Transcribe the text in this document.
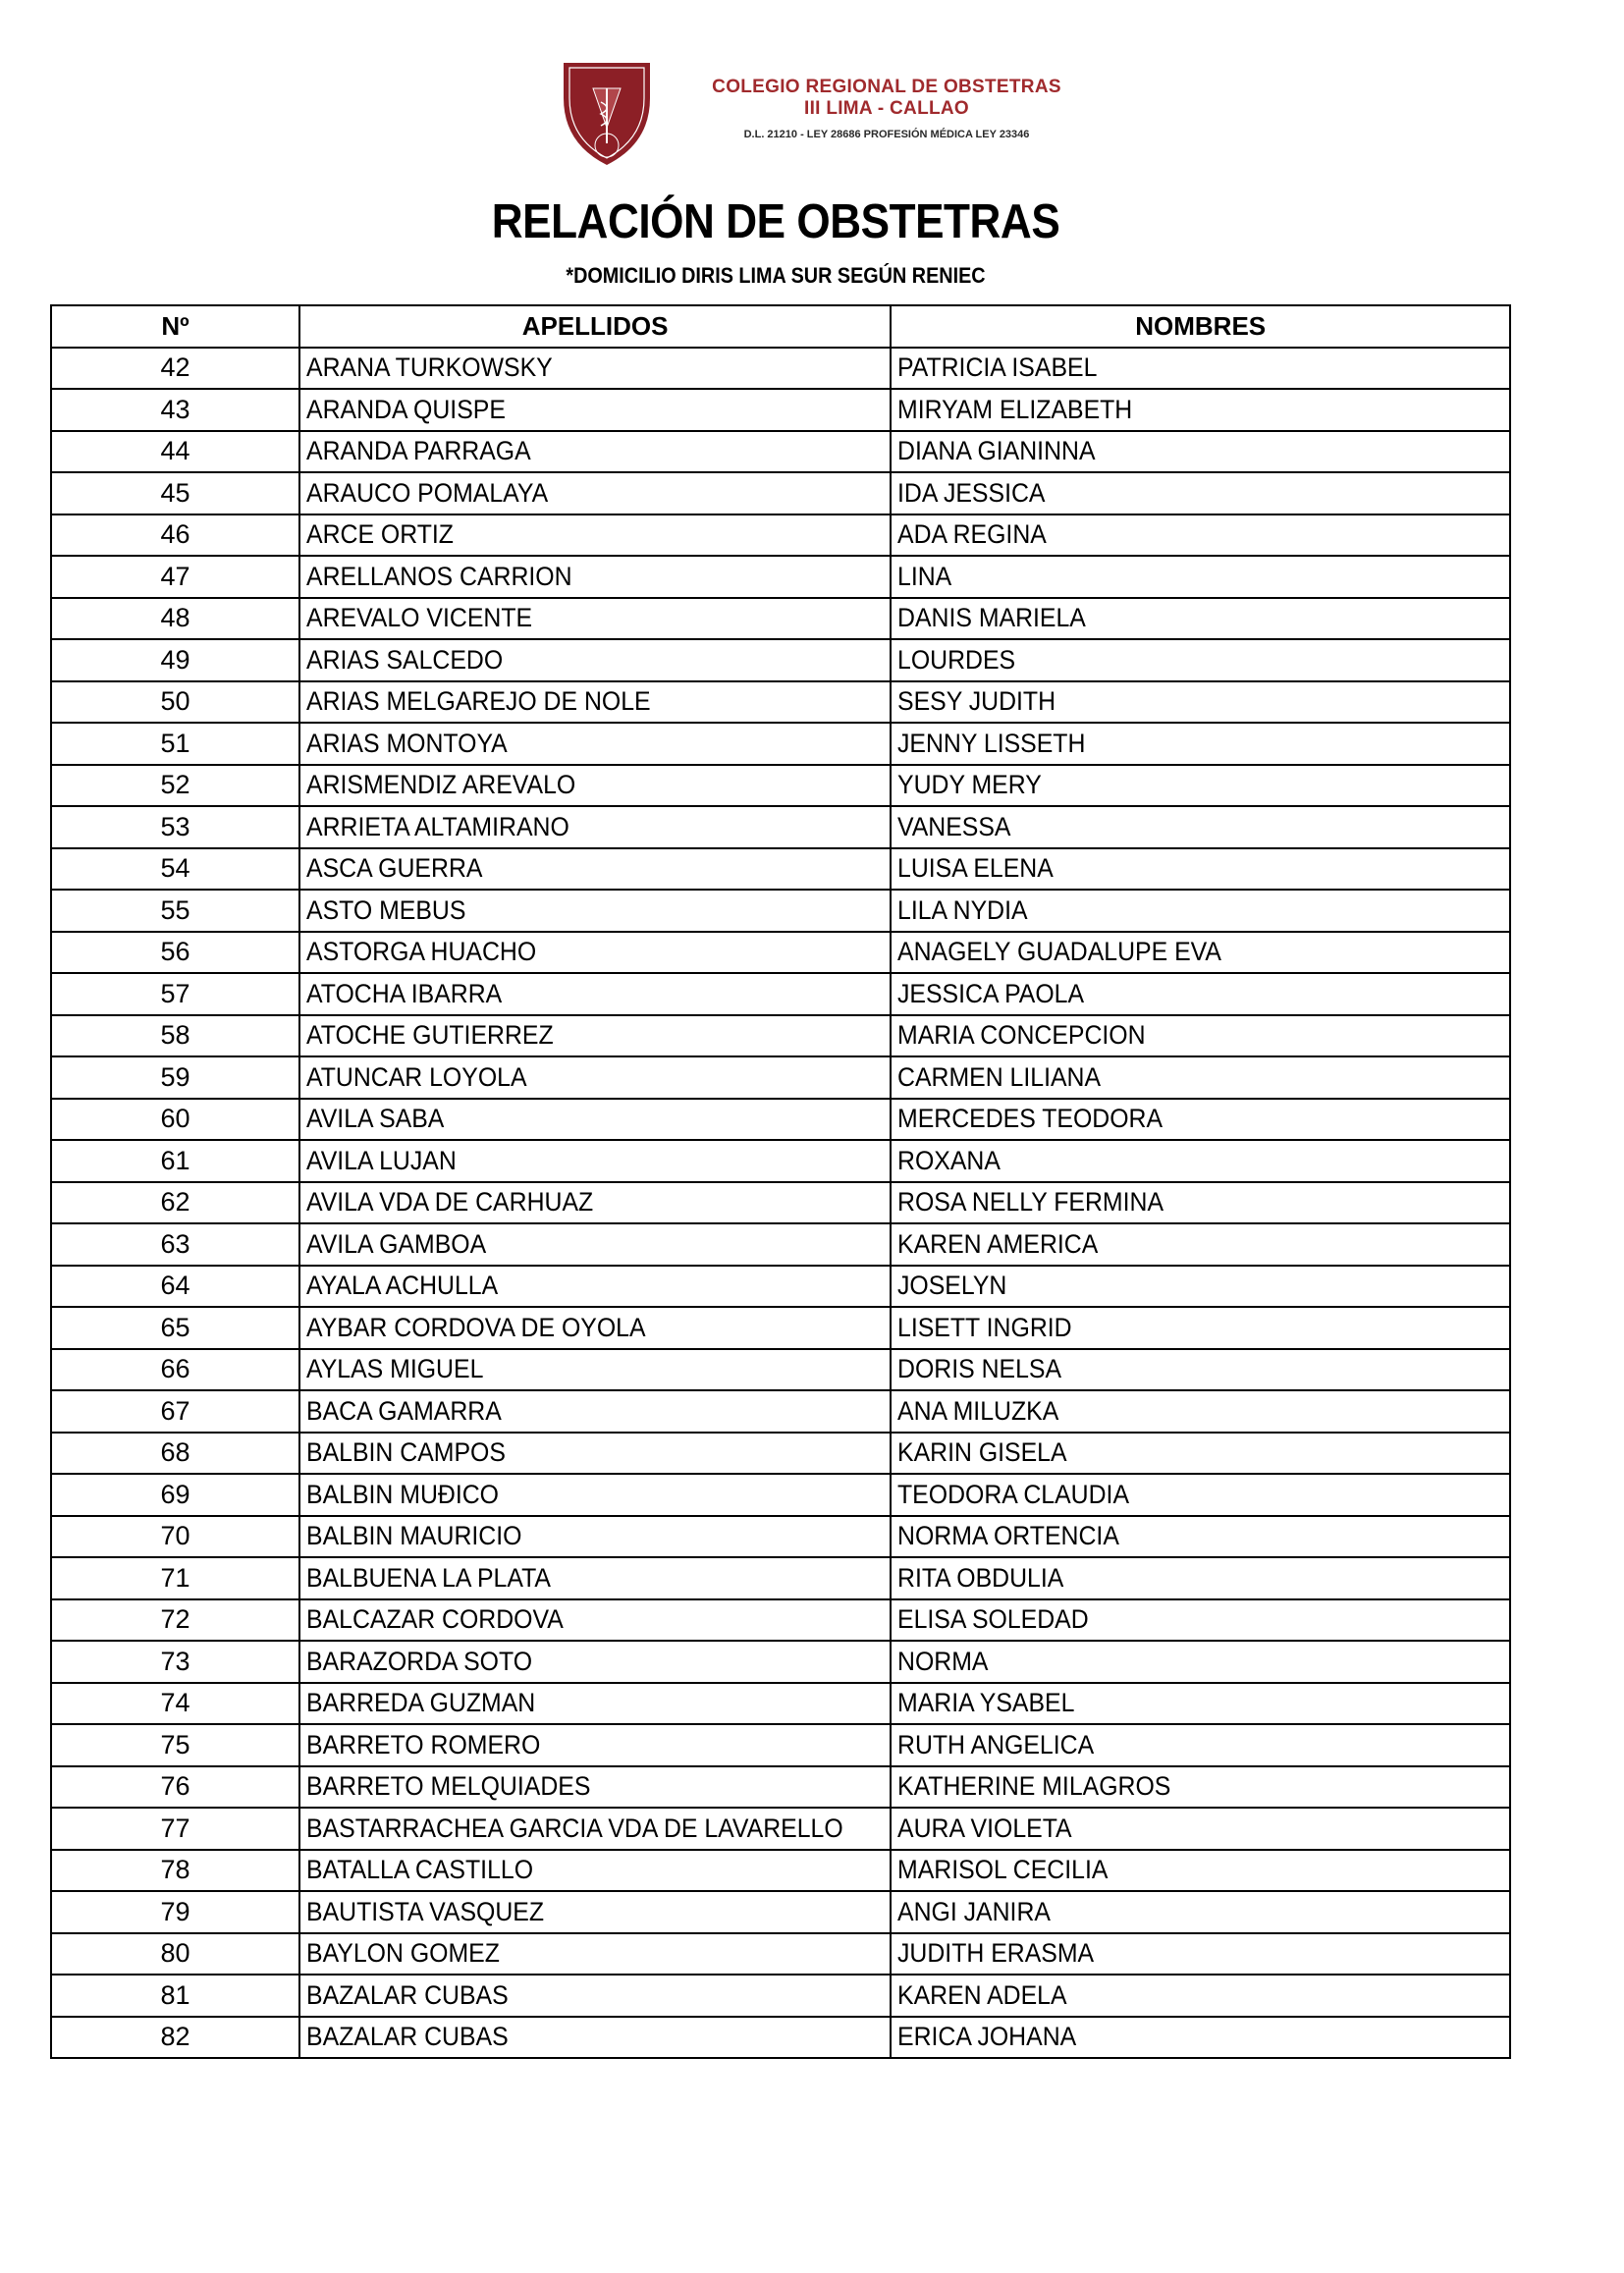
COLEGIO REGIONAL DE OBSTETRAS
III LIMA - CALLAO
D.L. 21210 - LEY 28686 PROFESIÓN MÉDICA LEY 23346
RELACIÓN DE OBSTETRAS
*DOMICILIO DIRIS LIMA SUR SEGÚN RENIEC
Nº	APELLIDOS	NOMBRES
42	ARANA TURKOWSKY	PATRICIA ISABEL
43	ARANDA QUISPE	MIRYAM ELIZABETH
44	ARANDA PARRAGA	DIANA GIANINNA
45	ARAUCO POMALAYA	IDA JESSICA
46	ARCE ORTIZ	ADA REGINA
47	ARELLANOS CARRION	LINA
48	AREVALO VICENTE	DANIS MARIELA
49	ARIAS SALCEDO	LOURDES
50	ARIAS MELGAREJO DE NOLE	SESY JUDITH
51	ARIAS MONTOYA	JENNY LISSETH
52	ARISMENDIZ AREVALO	YUDY MERY
53	ARRIETA ALTAMIRANO	VANESSA
54	ASCA GUERRA	LUISA ELENA
55	ASTO MEBUS	LILA NYDIA
56	ASTORGA HUACHO	ANAGELY GUADALUPE EVA
57	ATOCHA IBARRA	JESSICA PAOLA
58	ATOCHE GUTIERREZ	MARIA CONCEPCION
59	ATUNCAR LOYOLA	CARMEN LILIANA
60	AVILA SABA	MERCEDES TEODORA
61	AVILA LUJAN	ROXANA
62	AVILA VDA DE CARHUAZ	ROSA NELLY FERMINA
63	AVILA GAMBOA	KAREN AMERICA
64	AYALA ACHULLA	JOSELYN
65	AYBAR CORDOVA DE OYOLA	LISETT INGRID
66	AYLAS MIGUEL	DORIS NELSA
67	BACA GAMARRA	ANA MILUZKA
68	BALBIN CAMPOS	KARIN GISELA
69	BALBIN MUÐICO	TEODORA CLAUDIA
70	BALBIN MAURICIO	NORMA ORTENCIA
71	BALBUENA LA PLATA	RITA OBDULIA
72	BALCAZAR CORDOVA	ELISA SOLEDAD
73	BARAZORDA SOTO	NORMA
74	BARREDA GUZMAN	MARIA YSABEL
75	BARRETO ROMERO	RUTH ANGELICA
76	BARRETO MELQUIADES	KATHERINE MILAGROS
77	BASTARRACHEA GARCIA VDA DE LAVARELLO	AURA VIOLETA
78	BATALLA CASTILLO	MARISOL CECILIA
79	BAUTISTA VASQUEZ	ANGI JANIRA
80	BAYLON GOMEZ	JUDITH ERASMA
81	BAZALAR CUBAS	KAREN ADELA
82	BAZALAR CUBAS	ERICA JOHANA
